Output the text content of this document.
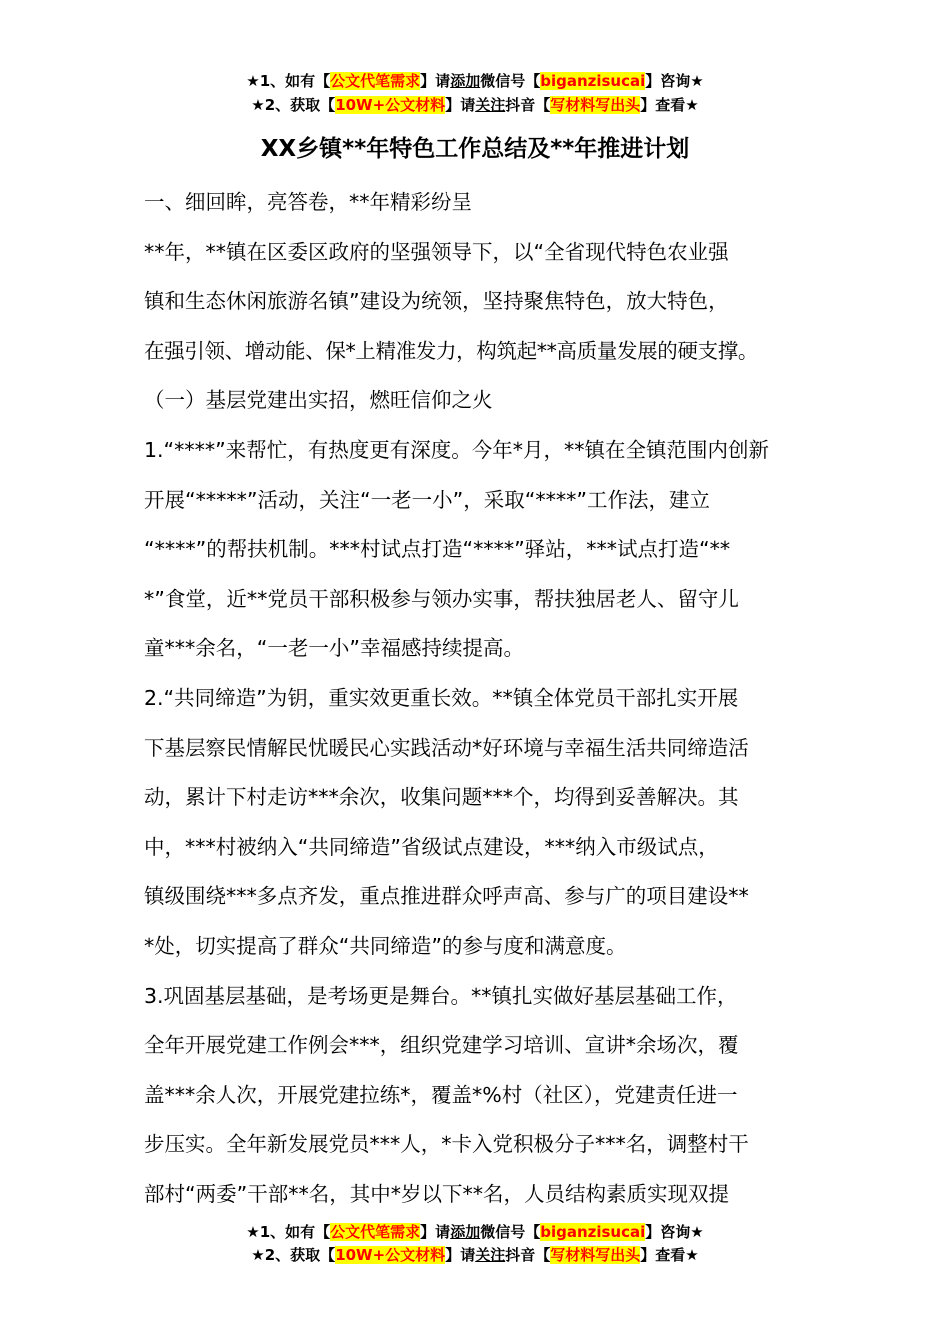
★1、如有【公文代笔需求】请添加微信号【biganzisucai】咨询★
★2、获取【10W+公文材料】请关注抖音【写材料写出头】查看★
XX乡镇**年特色工作总结及**年推进计划

一、细回眸，亮答卷，**年精彩纷呈

**年，**镇在区委区政府的坚强领导下，以“全省现代特色农业强
镇和生态休闲旅游名镇”建设为统领，坚持聚焦特色，放大特色，
在强引领、增动能、保*上精准发力，构筑起**高质量发展的硬支撑。

（一）基层党建出实招，燃旺信仰之火

1.“****”来帮忙，有热度更有深度。今年*月，**镇在全镇范围内创新
开展“*****”活动，关注“一老一小”，采取“****”工作法，建立
“****”的帮扶机制。***村试点打造“****”驿站，***试点打造“**
*”食堂，近**党员干部积极参与领办实事，帮扶独居老人、留守儿
童***余名，“一老一小”幸福感持续提高。

2.“共同缔造”为钥，重实效更重长效。**镇全体党员干部扎实开展
下基层察民情解民忧暖民心实践活动*好环境与幸福生活共同缔造活
动，累计下村走访***余次，收集问题***个，均得到妥善解决。其
中，***村被纳入“共同缔造”省级试点建设，***纳入市级试点，
镇级围绕***多点齐发，重点推进群众呼声高、参与广的项目建设**
*处，切实提高了群众“共同缔造”的参与度和满意度。

3.巩固基层基础，是考场更是舞台。**镇扎实做好基层基础工作，
全年开展党建工作例会***，组织党建学习培训、宣讲*余场次，覆
盖***余人次，开展党建拉练*，覆盖*%村（社区），党建责任进一
步压实。全年新发展党员***人，*卡入党积极分子***名，调整村干
部村“两委”干部**名，其中*岁以下**名，人员结构素质实现双提

★1、如有【公文代笔需求】请添加微信号【biganzisucai】咨询★
★2、获取【10W+公文材料】请关注抖音【写材料写出头】查看★
